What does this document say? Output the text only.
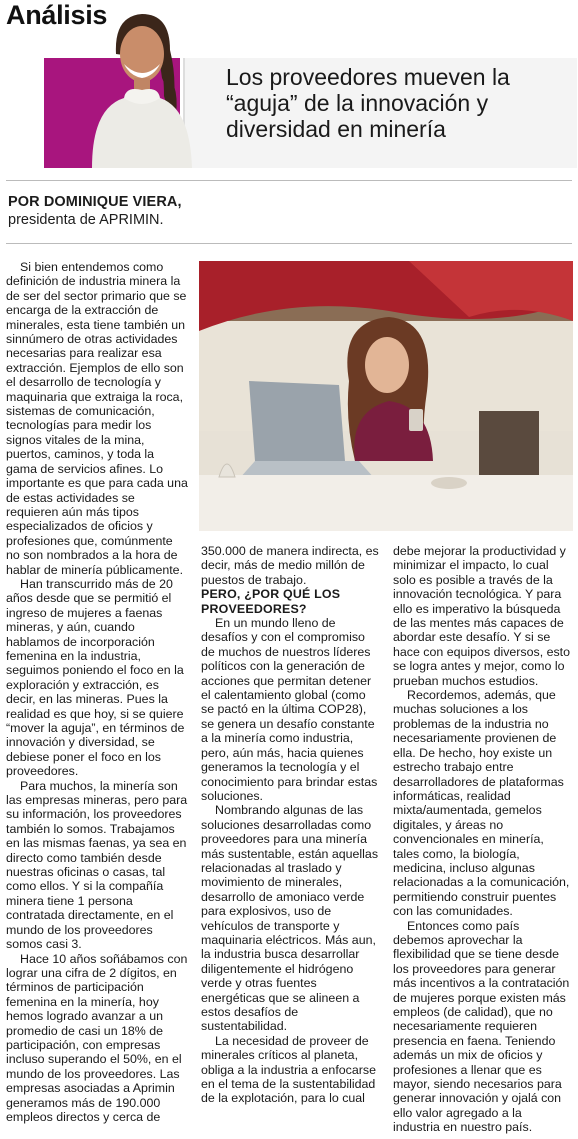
Análisis
Los proveedores mueven la “aguja” de la innovación y diversidad en minería
POR DOMINIQUE VIERA,
presidenta de APRIMIN.

Si bien entendemos como definición de industria minera la de ser del sector primario que se encarga de la extracción de minerales, esta tiene también un sinnúmero de otras actividades necesarias para realizar esa extracción. Ejemplos de ello son el desarrollo de tecnología y maquinaria que extraiga la roca, sistemas de comunicación, tecnologías para medir los signos vitales de la mina, puertos, caminos, y toda la gama de servicios afines. Lo importante es que para cada una de estas actividades se requieren aún más tipos especializados de oficios y profesiones que, comúnmente no son nombrados a la hora de hablar de minería públicamente.

Han transcurrido más de 20 años desde que se permitió el ingreso de mujeres a faenas mineras, y aún, cuando hablamos de incorporación femenina en la industria, seguimos poniendo el foco en la exploración y extracción, es decir, en las mineras. Pues la realidad es que hoy, si se quiere “mover la aguja”, en términos de innovación y diversidad, se debiese poner el foco en los proveedores.

Para muchos, la minería son las empresas mineras, pero para su información, los proveedores también lo somos. Trabajamos en las mismas faenas, ya sea en directo como también desde nuestras oficinas o casas, tal como ellos. Y si la compañía minera tiene 1 persona contratada directamente, en el mundo de los proveedores somos casi 3.

Hace 10 años soñábamos con lograr una cifra de 2 dígitos, en términos de participación femenina en la minería, hoy hemos logrado avanzar a un promedio de casi un 18% de participación, con empresas incluso superando el 50%, en el mundo de los proveedores. Las empresas asociadas a Aprimin generamos más de 190.000 empleos directos y cerca de

350.000 de manera indirecta, es decir, más de medio millón de puestos de trabajo.

PERO, ¿POR QUÉ LOS PROVEEDORES?

En un mundo lleno de desafíos y con el compromiso de muchos de nuestros líderes políticos con la generación de acciones que permitan detener el calentamiento global (como se pactó en la última COP28), se genera un desafío constante a la minería como industria, pero, aún más, hacia quienes generamos la tecnología y el conocimiento para brindar estas soluciones.

Nombrando algunas de las soluciones desarrolladas como proveedores para una minería más sustentable, están aquellas relacionadas al traslado y movimiento de minerales, desarrollo de amoniaco verde para explosivos, uso de vehículos de transporte y maquinaria eléctricos. Más aun, la industria busca desarrollar diligentemente el hidrógeno verde y otras fuentes energéticas que se alineen a estos desafíos de sustentabilidad.

La necesidad de proveer de minerales críticos al planeta, obliga a la industria a enfocarse en el tema de la sustentabilidad de la explotación, para lo cual

debe mejorar la productividad y minimizar el impacto, lo cual solo es posible a través de la innovación tecnológica. Y para ello es imperativo la búsqueda de las mentes más capaces de abordar este desafío. Y si se hace con equipos diversos, esto se logra antes y mejor, como lo prueban muchos estudios.

Recordemos, además, que muchas soluciones a los problemas de la industria no necesariamente provienen de ella. De hecho, hoy existe un estrecho trabajo entre desarrolladores de plataformas informáticas, realidad mixta/aumentada, gemelos digitales, y áreas no convencionales en minería, tales como, la biología, medicina, incluso algunas relacionadas a la comunicación, permitiendo construir puentes con las comunidades.

Entonces como país debemos aprovechar la flexibilidad que se tiene desde los proveedores para generar más incentivos a la contratación de mujeres porque existen más empleos (de calidad), que no necesariamente requieren presencia en faena. Teniendo además un mix de oficios y profesiones a llenar que es mayor, siendo necesarios para generar innovación y ojalá con ello valor agregado a la industria en nuestro país.
